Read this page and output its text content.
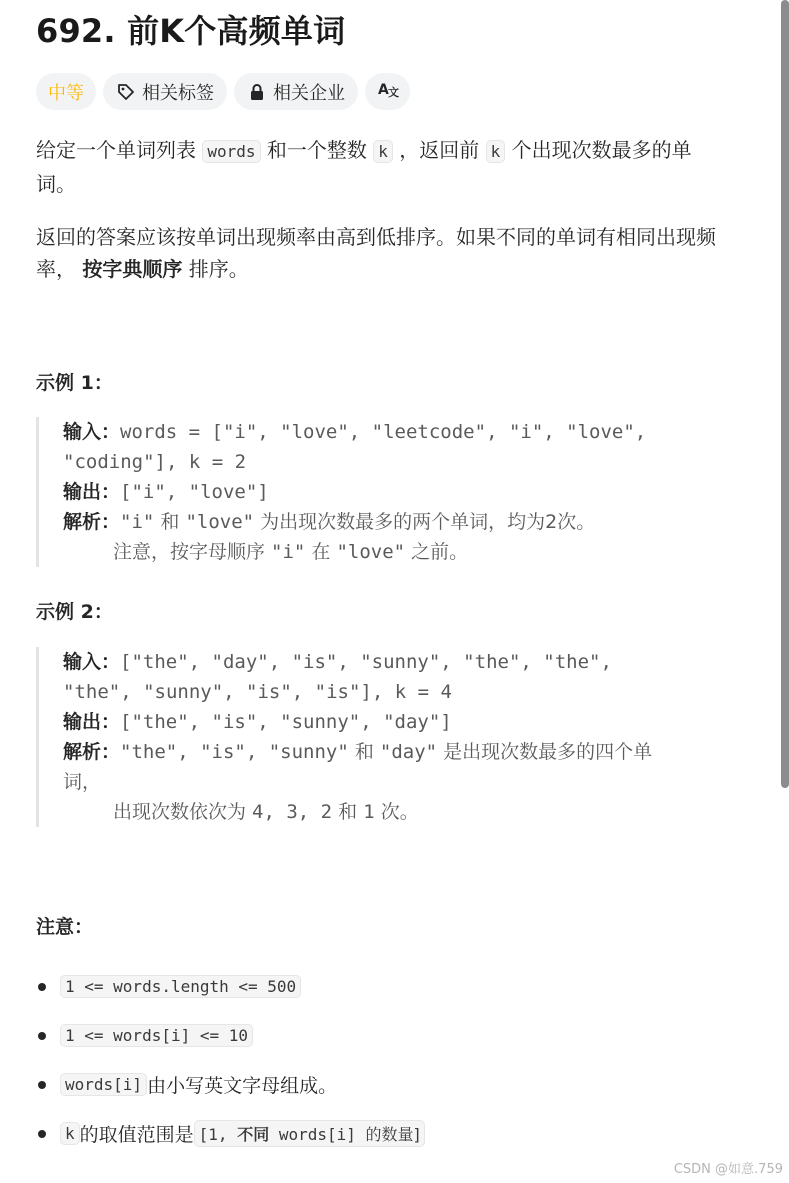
692. 前K个高频单词
中等	相关标签	相关企业 A 文
给定一个单词列表 words 和一个整数 k ，返回前 k 个出现次数最多的单
词。
返回的答案应该按单词出现频率由高到低排序。如果不同的单词有相同出现频
率， 按字典顺序 排序。
示例 1：
输入：words = ["i", "love", "leetcode", "i", "love",
"coding"], k = 2
输出：["i", "love"]
解析："i" 和 "love" 为出现次数最多的两个单词，均为2次。
注意，按字母顺序 "i" 在 "love" 之前。
示例 2：
输入：["the", "day", "is", "sunny", "the", "the",
"the", "sunny", "is", "is"], k = 4
输出：["the", "is", "sunny", "day"]
解析："the", "is", "sunny" 和 "day" 是出现次数最多的四个单
词，
出现次数依次为 4, 3, 2 和 1 次。
注意：
1 <= words.length <= 500
1 <= words[i] <= 10
words[i] 由小写英文字母组成。
k 的取值范围是 [1, 不同 words[i] 的数量]
CSDN @如意.759
